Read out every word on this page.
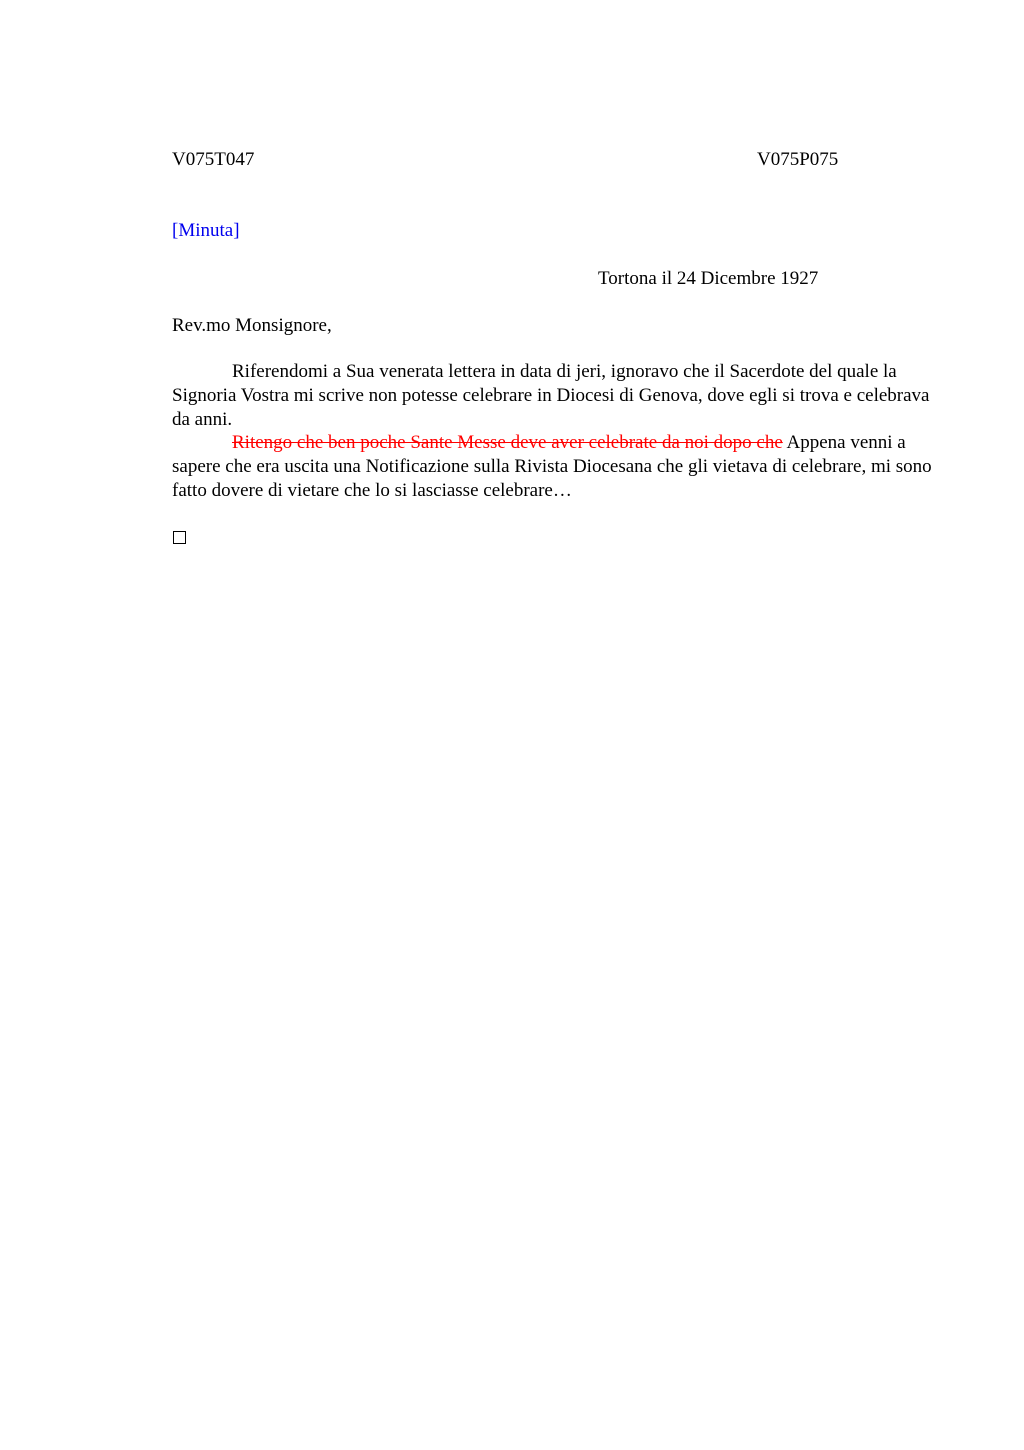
V075T047	V075P075
[Minuta]
Tortona il 24 Dicembre 1927
Rev.mo Monsignore,
Riferendomi a Sua venerata lettera in data di jeri, ignoravo che il Sacerdote del quale la Signoria Vostra mi scrive non potesse celebrare in Diocesi di Genova, dove egli si trova e celebrava da anni.
Ritengo che ben poche Sante Messe deve aver celebrate da noi dopo che Appena venni a sapere che era uscita una Notificazione sulla Rivista Diocesana che gli vietava di celebrare, mi sono fatto dovere di vietare che lo si lasciasse celebrare…
